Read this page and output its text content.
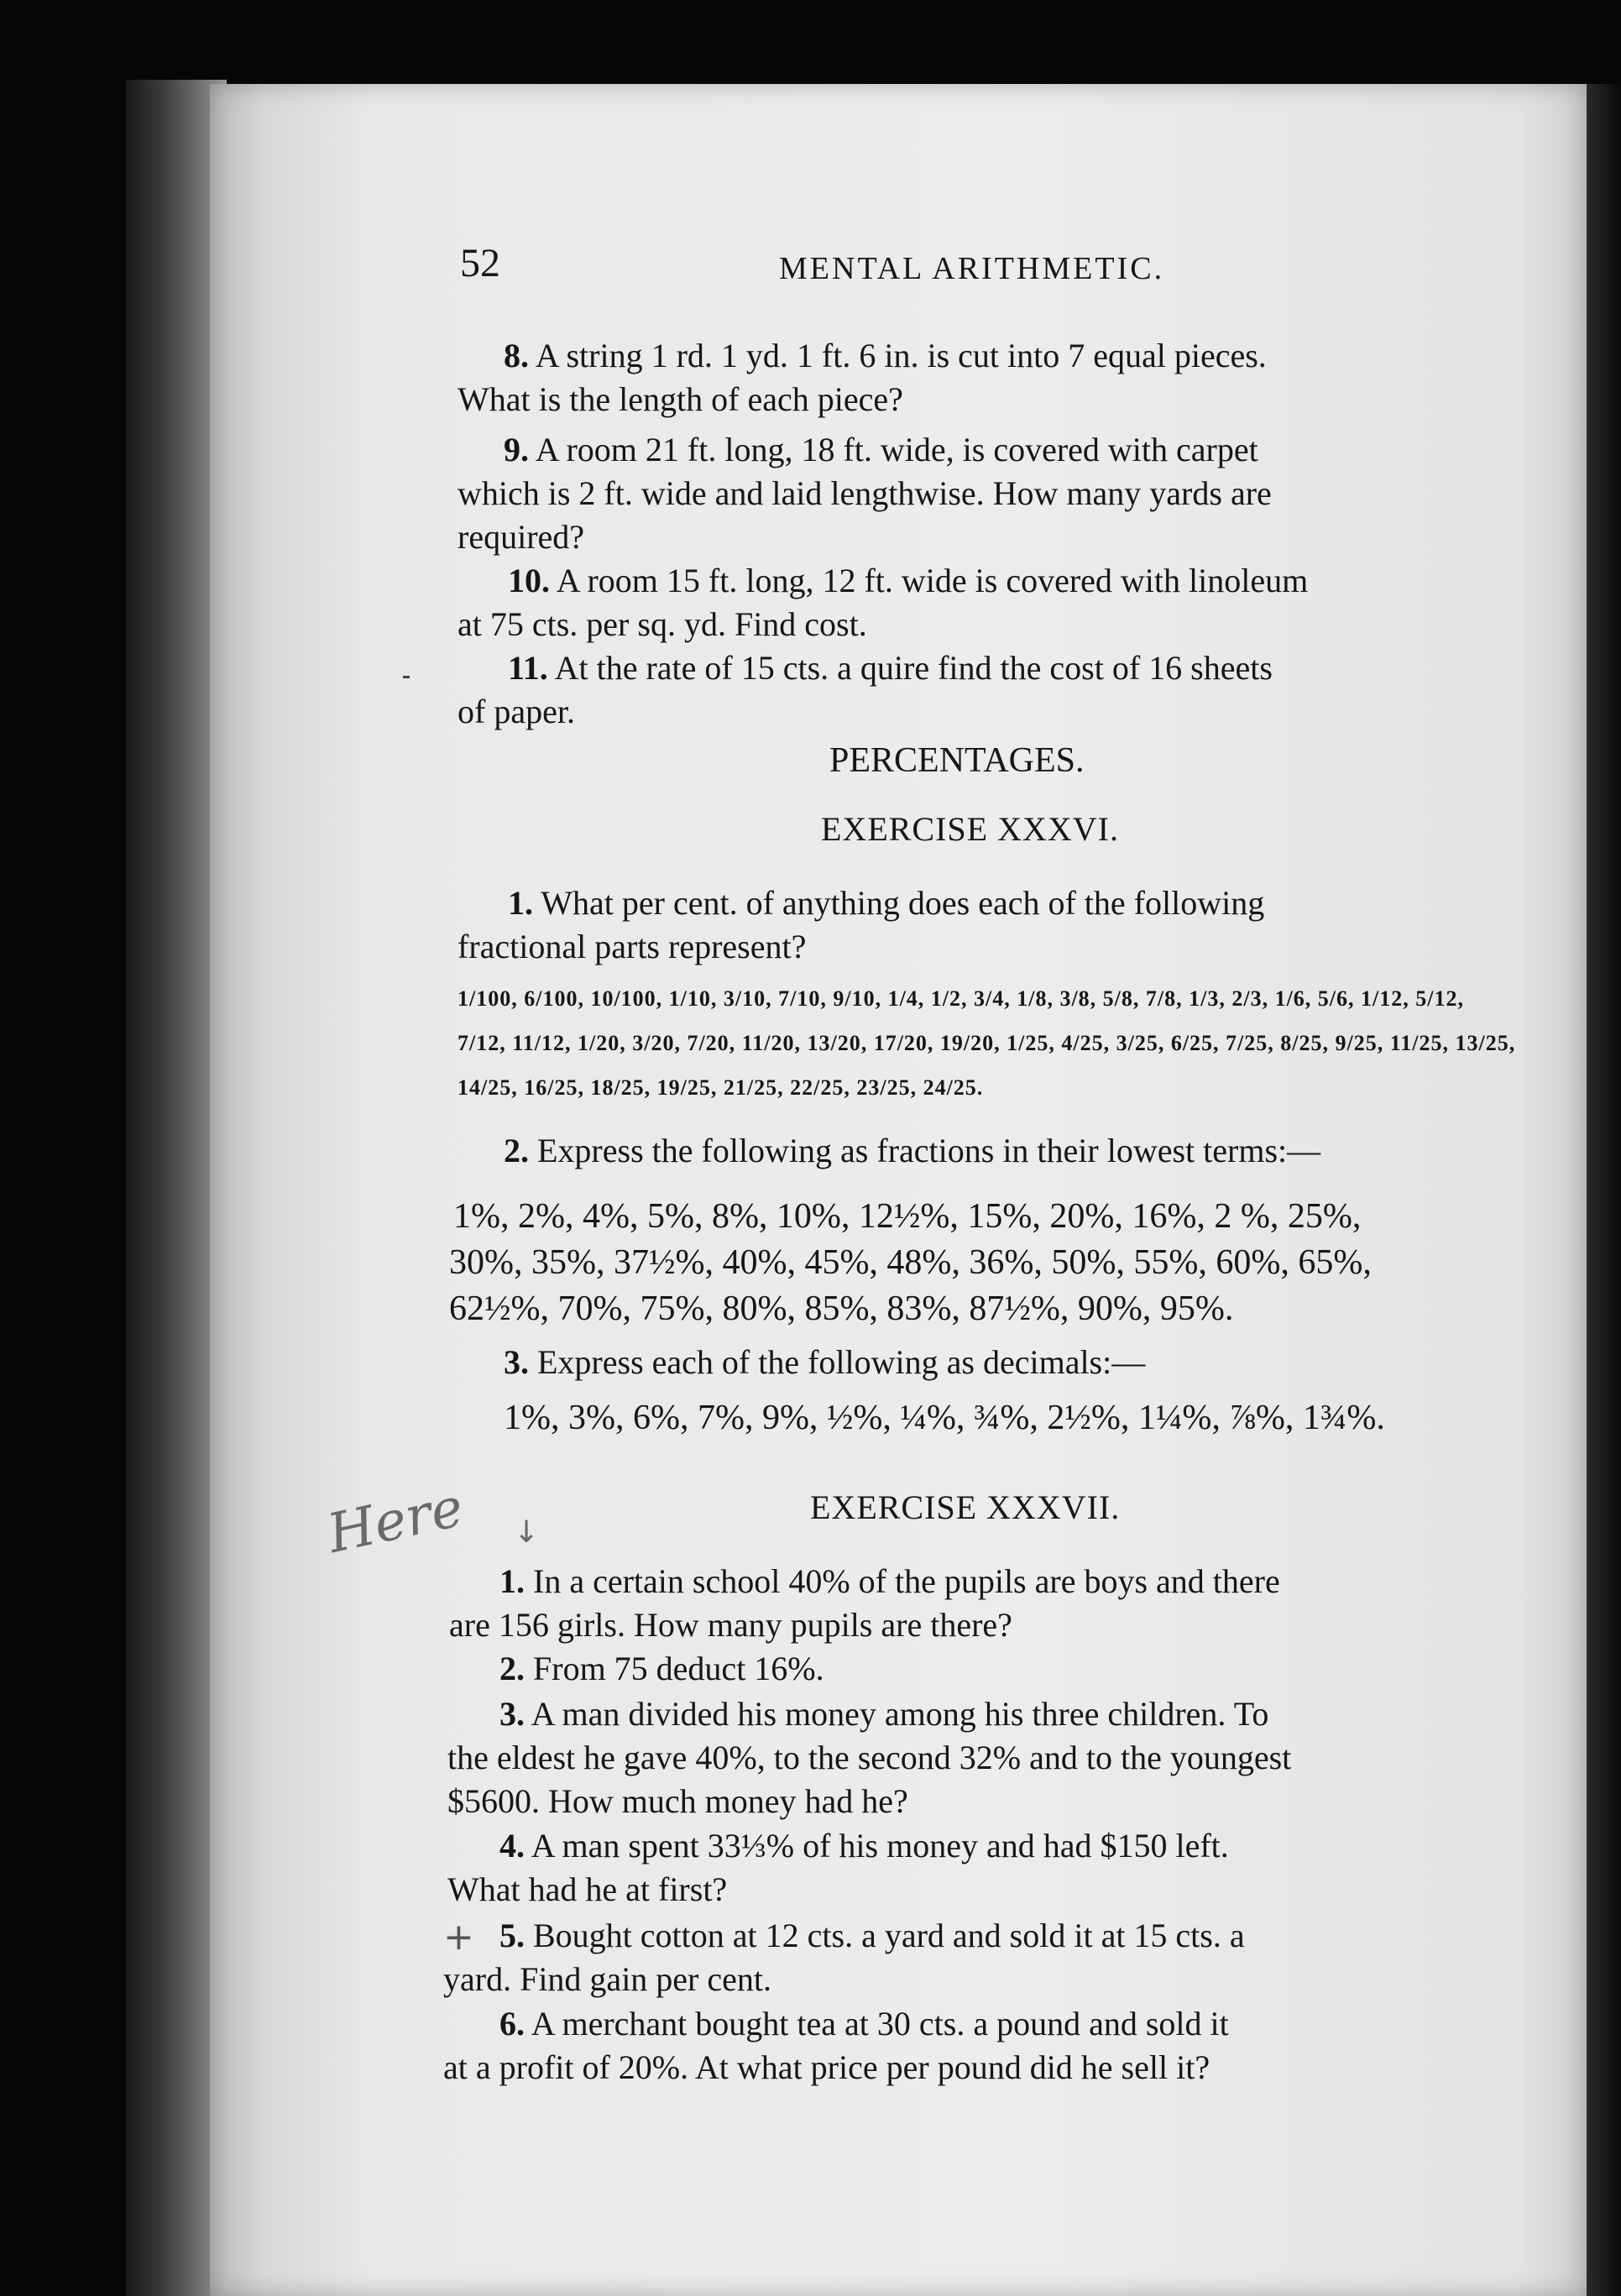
52	MENTAL ARITHMETIC.
8. A string 1 rd. 1 yd. 1 ft. 6 in. is cut into 7 equal pieces.
What is the length of each piece?
9. A room 21 ft. long, 18 ft. wide, is covered with carpet
which is 2 ft. wide and laid lengthwise. How many yards are
required?
10. A room 15 ft. long, 12 ft. wide is covered with linoleum
at 75 cts. per sq. yd. Find cost.
11. At the rate of 15 cts. a quire find the cost of 16 sheets
of paper.
PERCENTAGES.
EXERCISE XXXVI.
1. What per cent. of anything does each of the following
fractional parts represent?
1/100, 6/100, 10/100, 1/10, 3/10, 7/10, 9/10, 1/4, 1/2, 3/4, 1/8, 3/8, 5/8, 7/8, 1/3, 2/3, 1/6, 5/6, 1/12, 5/12,
7/12, 11/12, 1/20, 3/20, 7/20, 11/20, 13/20, 17/20, 19/20, 1/25, 4/25, 3/25, 6/25, 7/25, 8/25, 9/25, 11/25, 13/25,
14/25, 16/25, 18/25, 19/25, 21/25, 22/25, 23/25, 24/25.
2. Express the following as fractions in their lowest terms:—
1%, 2%, 4%, 5%, 8%, 10%, 12½%, 15%, 20%, 16%, 2 %, 25%,
30%, 35%, 37½%, 40%, 45%, 48%, 36%, 50%, 55%, 60%, 65%,
62½%, 70%, 75%, 80%, 85%, 83%, 87½%, 90%, 95%.
3. Express each of the following as decimals:—
1%, 3%, 6%, 7%, 9%, ½%, ¼%, ¾%, 2½%, 1¼%, ⅞%, 1¾%.
Here ↓
EXERCISE XXXVII.
1. In a certain school 40% of the pupils are boys and there
are 156 girls. How many pupils are there?
2. From 75 deduct 16%.
3. A man divided his money among his three children. To
the eldest he gave 40%, to the second 32% and to the youngest
$5600. How much money had he?
4. A man spent 33⅓% of his money and had $150 left.
What had he at first?
+ 5. Bought cotton at 12 cts. a yard and sold it at 15 cts. a
yard. Find gain per cent.
6. A merchant bought tea at 30 cts. a pound and sold it
at a profit of 20%. At what price per pound did he sell it?
